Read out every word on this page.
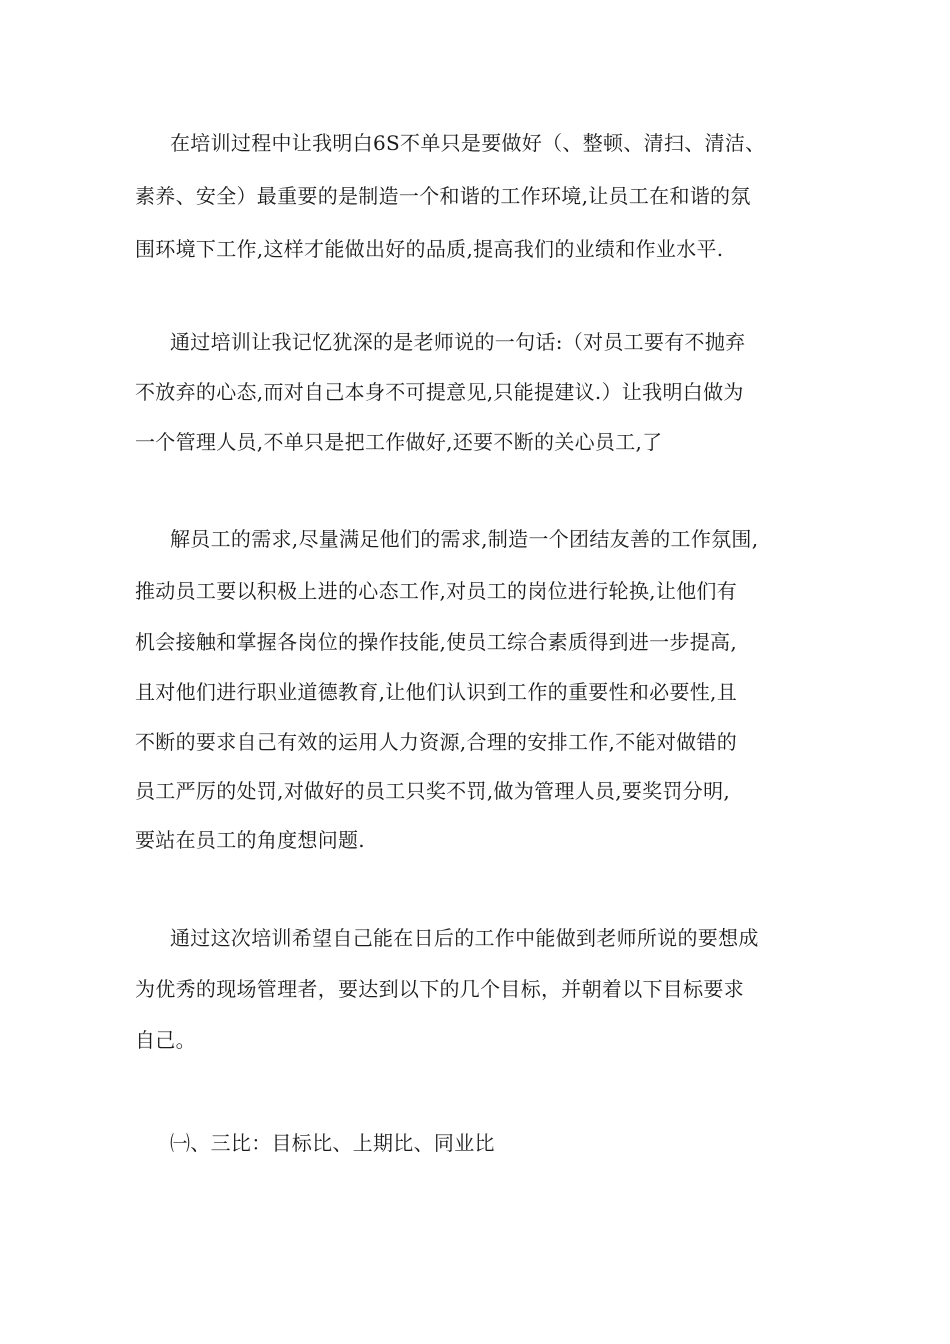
在培训过程中让我明白6S不单只是要做好（、整顿、清扫、清洁、
素养、安全）最重要的是制造一个和谐的工作环境,让员工在和谐的氛
围环境下工作,这样才能做出好的品质,提高我们的业绩和作业水平.
通过培训让我记忆犹深的是老师说的一句话:（对员工要有不抛弃
不放弃的心态,而对自己本身不可提意见,只能提建议.）让我明白做为
一个管理人员,不单只是把工作做好,还要不断的关心员工,了
解员工的需求,尽量满足他们的需求,制造一个团结友善的工作氛围,
推动员工要以积极上进的心态工作,对员工的岗位进行轮换,让他们有
机会接触和掌握各岗位的操作技能,使员工综合素质得到进一步提高,
且对他们进行职业道德教育,让他们认识到工作的重要性和必要性,且
不断的要求自己有效的运用人力资源,合理的安排工作,不能对做错的
员工严厉的处罚,对做好的员工只奖不罚,做为管理人员,要奖罚分明,
要站在员工的角度想问题.
通过这次培训希望自己能在日后的工作中能做到老师所说的要想成
为优秀的现场管理者，要达到以下的几个目标，并朝着以下目标要求
自己。
㈠、三比：目标比、上期比、同业比
